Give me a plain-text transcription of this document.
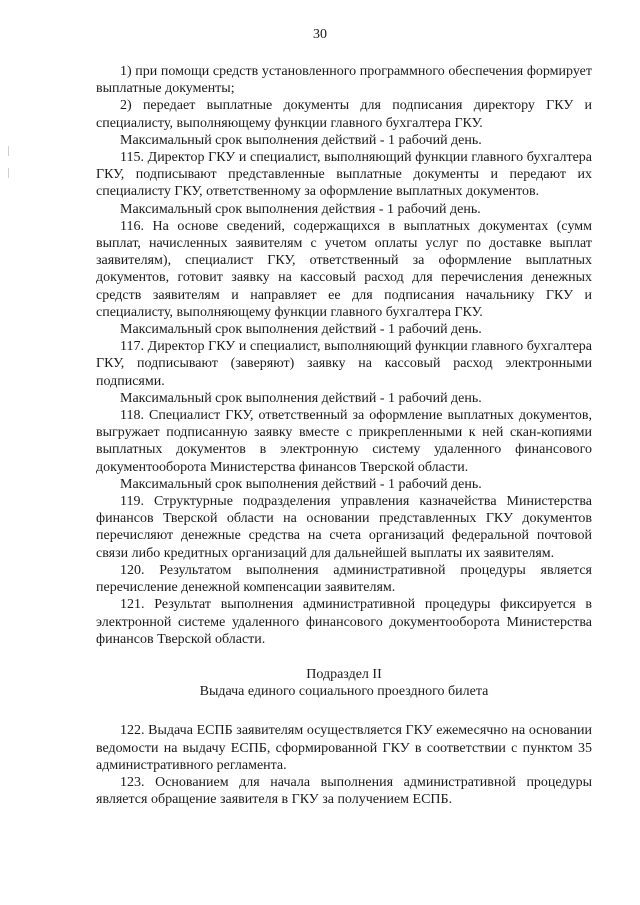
30

1) при помощи средств установленного программного обеспечения формирует выплатные документы;

2) передает выплатные документы для подписания директору ГКУ и специалисту, выполняющему функции главного бухгалтера ГКУ.

Максимальный срок выполнения действий - 1 рабочий день.

115. Директор ГКУ и специалист, выполняющий функции главного бухгалтера ГКУ, подписывают представленные выплатные документы и передают их специалисту ГКУ, ответственному за оформление выплатных документов.

Максимальный срок выполнения действия - 1 рабочий день.

116. На основе сведений, содержащихся в выплатных документах (сумм выплат, начисленных заявителям с учетом оплаты услуг по доставке выплат заявителям), специалист ГКУ, ответственный за оформление выплатных документов, готовит заявку на кассовый расход для перечисления денежных средств заявителям и направляет ее для подписания начальнику ГКУ и специалисту, выполняющему функции главного бухгалтера ГКУ.

Максимальный срок выполнения действий - 1 рабочий день.

117. Директор ГКУ и специалист, выполняющий функции главного бухгалтера ГКУ, подписывают (заверяют) заявку на кассовый расход электронными подписями.

Максимальный срок выполнения действий - 1 рабочий день.

118. Специалист ГКУ, ответственный за оформление выплатных документов, выгружает подписанную заявку вместе с прикрепленными к ней скан-копиями выплатных документов в электронную систему удаленного финансового документооборота Министерства финансов Тверской области.

Максимальный срок выполнения действий - 1 рабочий день.

119. Структурные подразделения управления казначейства Министерства финансов Тверской области на основании представленных ГКУ документов перечисляют денежные средства на счета организаций федеральной почтовой связи либо кредитных организаций для дальнейшей выплаты их заявителям.

120. Результатом выполнения административной процедуры является перечисление денежной компенсации заявителям.

121. Результат выполнения административной процедуры фиксируется в электронной системе удаленного финансового документооборота Министерства финансов Тверской области.

Подраздел II

Выдача единого социального проездного билета

122. Выдача ЕСПБ заявителям осуществляется ГКУ ежемесячно на основании ведомости на выдачу ЕСПБ, сформированной ГКУ в соответствии с пунктом 35 административного регламента.

123. Основанием для начала выполнения административной процедуры является обращение заявителя в ГКУ за получением ЕСПБ.
